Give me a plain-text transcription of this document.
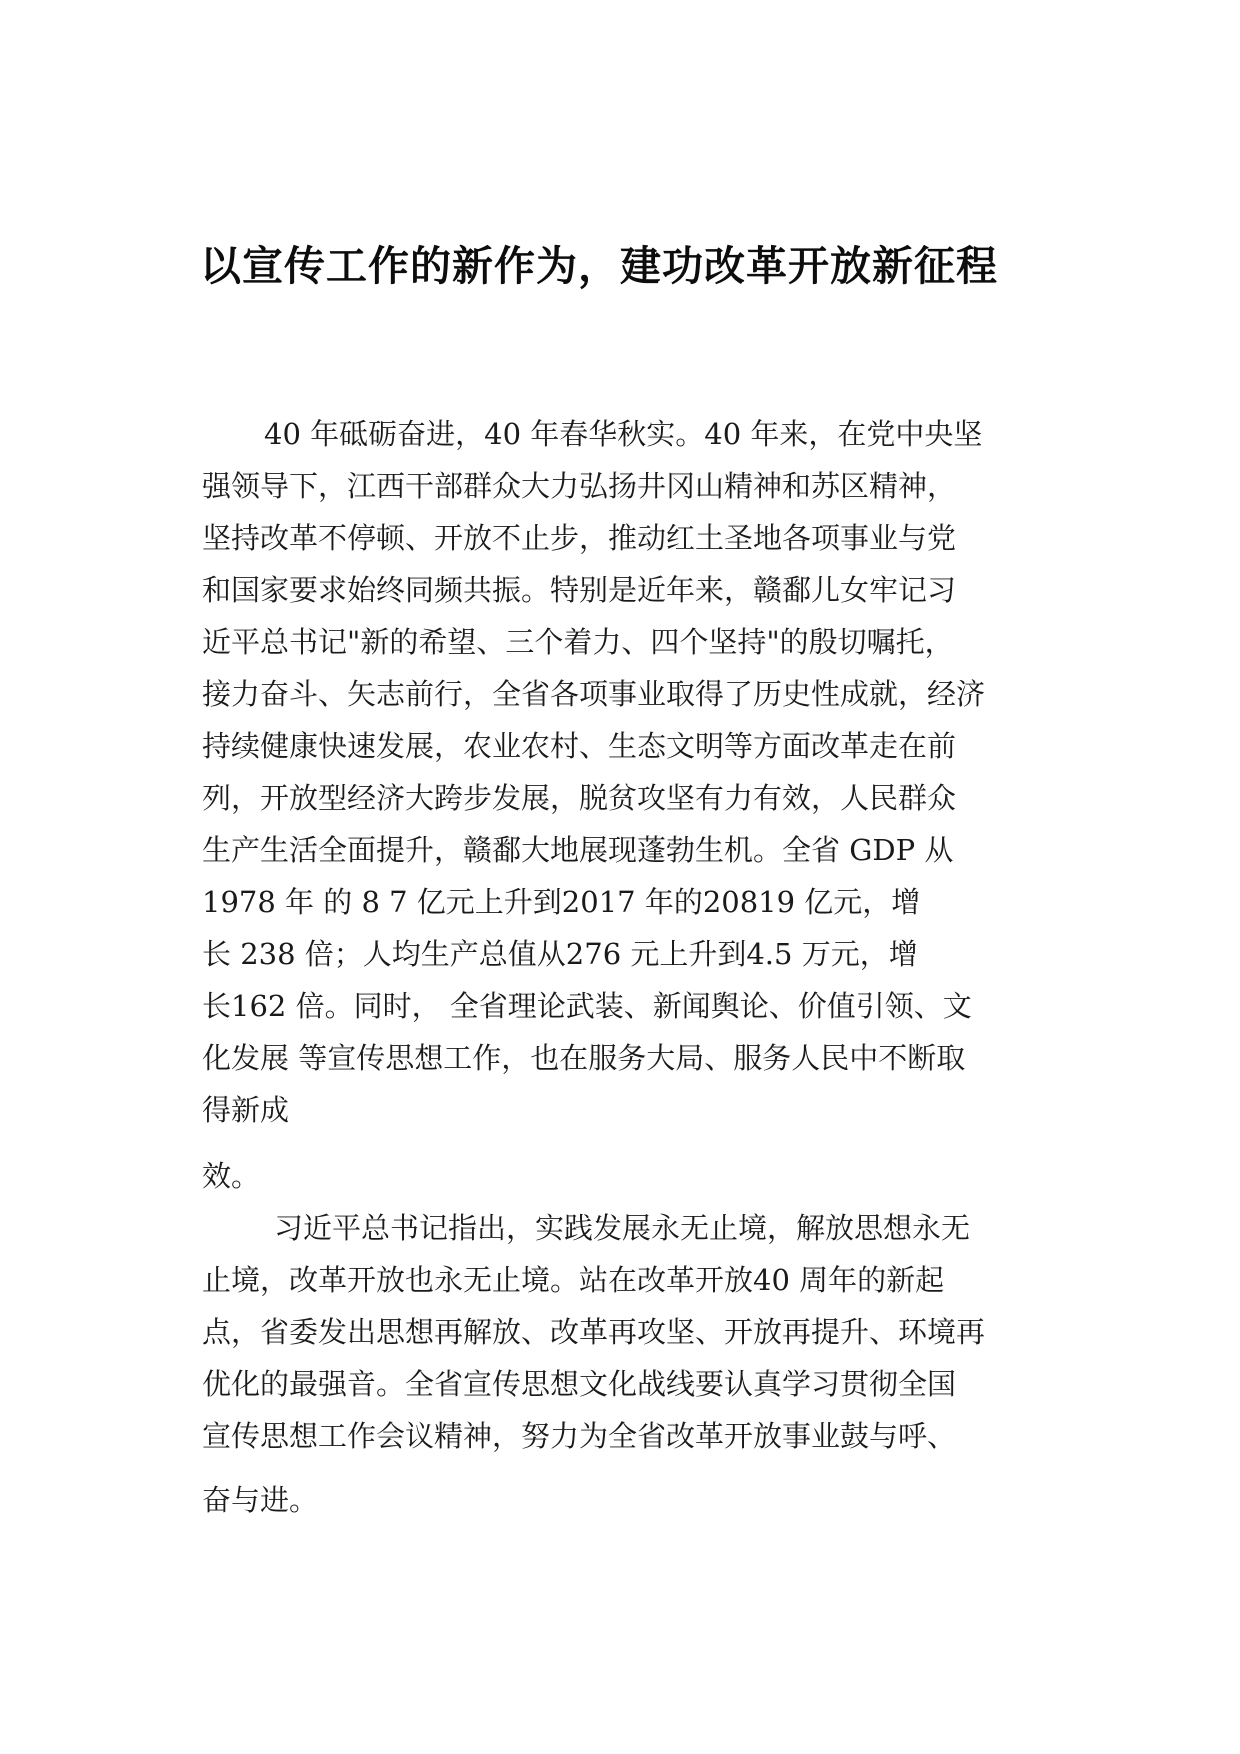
以宣传工作的新作为，建功改革开放新征程

40 年砥砺奋进，40 年春华秋实。40 年来，在党中央坚

强领导下，江西干部群众大力弘扬井冈山精神和苏区精神，

坚持改革不停顿、开放不止步，推动红土圣地各项事业与党

和国家要求始终同频共振。特别是近年来，赣鄱儿女牢记习

近平总书记"新的希望、三个着力、四个坚持"的殷切嘱托，

接力奋斗、矢志前行，全省各项事业取得了历史性成就，经济

持续健康快速发展，农业农村、生态文明等方面改革走在前

列，开放型经济大跨步发展，脱贫攻坚有力有效，人民群众

生产生活全面提升，赣鄱大地展现蓬勃生机。全省 GDP 从

1978 年 的 8 7 亿元上升到2017 年的20819 亿元，增

长 238 倍；人均生产总值从276 元上升到4.5 万元，增

长162 倍。同时， 全省理论武装、新闻舆论、价值引领、文

化发展 等宣传思想工作，也在服务大局、服务人民中不断取

得新成

效。

习近平总书记指出，实践发展永无止境，解放思想永无

止境，改革开放也永无止境。站在改革开放40 周年的新起

点，省委发出思想再解放、改革再攻坚、开放再提升、环境再

优化的最强音。全省宣传思想文化战线要认真学习贯彻全国

宣传思想工作会议精神，努力为全省改革开放事业鼓与呼、

奋与进。
